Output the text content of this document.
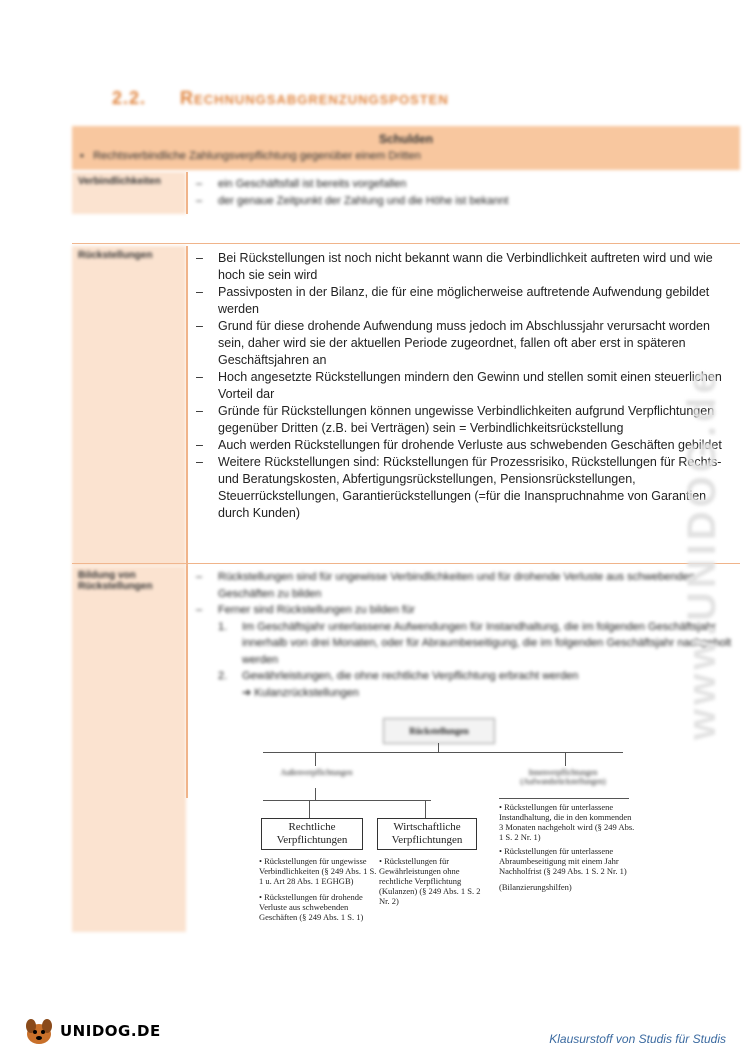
2.2. Rechnungsabgrenzungsposten
Schulden
▪   Rechtsverbindliche Zahlungsverpflichtung gegenüber einem Dritten
Verbindlichkeiten	– ein Geschäftsfall ist bereits vorgefallen
– der genaue Zeitpunkt der Zahlung und die Höhe ist bekannt
Rückstellungen	– Bei Rückstellungen ist noch nicht bekannt wann die Verbindlichkeit auftreten wird und wie hoch sie sein wird
– Passivposten in der Bilanz, die für eine möglicherweise auftretende Aufwendung gebildet werden
– Grund für diese drohende Aufwendung muss jedoch im Abschlussjahr verursacht worden sein, daher wird sie der aktuellen Periode zugeordnet, fallen oft aber erst in späteren Geschäftsjahren an
– Hoch angesetzte Rückstellungen mindern den Gewinn und stellen somit einen steuerlichen Vorteil dar
– Gründe für Rückstellungen können ungewisse Verbindlichkeiten aufgrund Verpflichtungen gegenüber Dritten (z.B. bei Verträgen) sein = Verbindlichkeitsrückstellung
– Auch werden Rückstellungen für drohende Verluste aus schwebenden Geschäften gebildet
– Weitere Rückstellungen sind: Rückstellungen für Prozessrisiko, Rückstellungen für Rechts- und Beratungskosten, Abfertigungsrückstellungen, Pensionsrückstellungen, Steuerrückstellungen, Garantierückstellungen (=für die Inanspruchnahme von Garantien durch Kunden)
Bildung von Rückstellungen
– Rückstellungen sind für ungewisse Verbindlichkeiten und für drohende Verluste aus schwebenden Geschäften zu bilden
– Ferner sind Rückstellungen zu bilden für
1. Im Geschäftsjahr unterlassene Aufwendungen für Instandhaltung, die im folgenden Geschäftsjahr innerhalb von drei Monaten, oder für Abraumbeseitigung, die im folgenden Geschäftsjahr nachgeholt werden
2. Gewährleistungen, die ohne rechtliche Verpflichtung erbracht werden
➔ Kulanzrückstellungen
Rückstellungen
Außenverpflichtungen	Innenverpflichtungen (Aufwandsrückstellungen)
Rechtliche Verpflichtungen
Wirtschaftliche Verpflichtungen
• Rückstellungen für ungewisse Verbindlichkeiten (§ 249 Abs. 1 S. 1 u. Art 28 Abs. 1 EGHGB)
• Rückstellungen für drohende Verluste aus schwebenden Geschäften (§ 249 Abs. 1 S. 1)
• Rückstellungen für Gewährleistungen ohne rechtliche Verpflichtung (Kulanzen) (§ 249 Abs. 1 S. 2 Nr. 2)
• Rückstellungen für unterlassene Instandhaltung, die in den kommenden 3 Monaten nachgeholt wird (§ 249 Abs. 1 S. 2 Nr. 1)
• Rückstellungen für unterlassene Abraumbeseitigung mit einem Jahr Nachholfrist (§ 249 Abs. 1 S. 2 Nr. 1)
(Bilanzierungshilfen)
www.UNIDOG.de
UNIDOG.DE	Klausurstoff von Studis für Studis
